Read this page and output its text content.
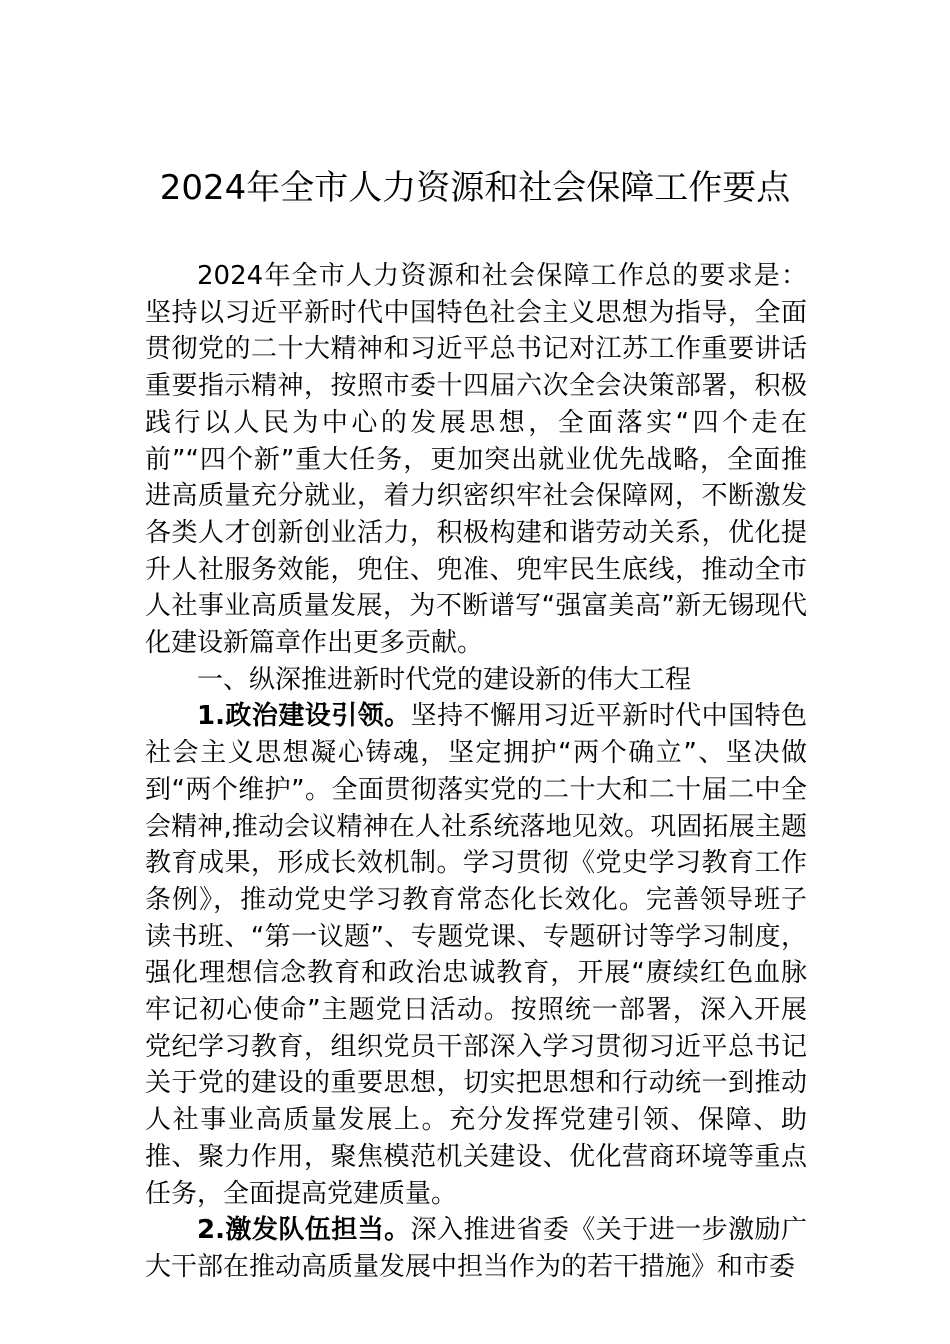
2024年全市人力资源和社会保障工作要点

2024年全市人力资源和社会保障工作总的要求是：坚持以习近平新时代中国特色社会主义思想为指导，全面贯彻党的二十大精神和习近平总书记对江苏工作重要讲话重要指示精神，按照市委十四届六次全会决策部署，积极践行以人民为中心的发展思想，全面落实“四个走在前”“四个新”重大任务，更加突出就业优先战略，全面推进高质量充分就业，着力织密织牢社会保障网，不断激发各类人才创新创业活力，积极构建和谐劳动关系，优化提升人社服务效能，兜住、兜准、兜牢民生底线，推动全市人社事业高质量发展，为不断谱写“强富美高”新无锡现代化建设新篇章作出更多贡献。

一、纵深推进新时代党的建设新的伟大工程

1.政治建设引领。坚持不懈用习近平新时代中国特色社会主义思想凝心铸魂，坚定拥护“两个确立”、坚决做到“两个维护”。全面贯彻落实党的二十大和二十届二中全会精神,推动会议精神在人社系统落地见效。巩固拓展主题教育成果，形成长效机制。学习贯彻《党史学习教育工作条例》，推动党史学习教育常态化长效化。完善领导班子读书班、“第一议题”、专题党课、专题研讨等学习制度，强化理想信念教育和政治忠诚教育，开展“赓续红色血脉牢记初心使命”主题党日活动。按照统一部署，深入开展党纪学习教育，组织党员干部深入学习贯彻习近平总书记关于党的建设的重要思想，切实把思想和行动统一到推动人社事业高质量发展上。充分发挥党建引领、保障、助推、聚力作用，聚焦模范机关建设、优化营商环境等重点任务，全面提高党建质量。

2.激发队伍担当。深入推进省委《关于进一步激励广大干部在推动高质量发展中担当作为的若干措施》和市委
